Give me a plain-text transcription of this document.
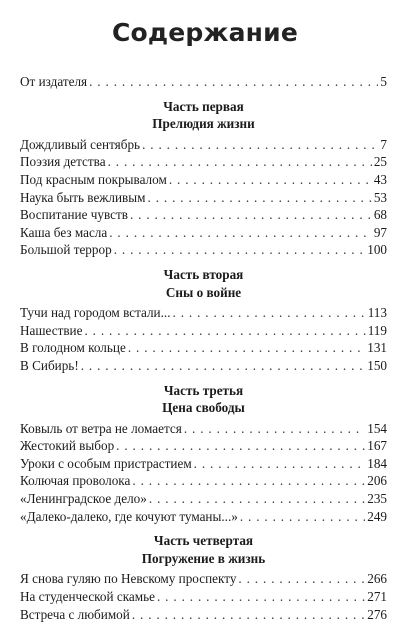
Содержание
От издателя . . .	5
Часть первая
Прелюдия жизни
Дождливый сентябрь . . .	7
Поэзия детства . . .	25
Под красным покрывалом . . .	43
Наука быть вежливым . . .	53
Воспитание чувств . . .	68
Каша без масла . . .	97
Большой террор . . .	100
Часть вторая
Сны о войне
Тучи над городом встали... . . .	113
Нашествие . . .	119
В голодном кольце . . .	131
В Сибирь! . . .	150
Часть третья
Цена свободы
Ковыль от ветра не ломается . . .	154
Жестокий выбор . . .	167
Уроки с особым пристрастием . . .	184
Колючая проволока . . .	206
«Ленинградское дело» . . .	235
«Далеко-далеко, где кочуют туманы...» . . .	249
Часть четвертая
Погружение в жизнь
Я снова гуляю по Невскому проспекту . . .	266
На студенческой скамье . . .	271
Встреча с любимой . . .	276
